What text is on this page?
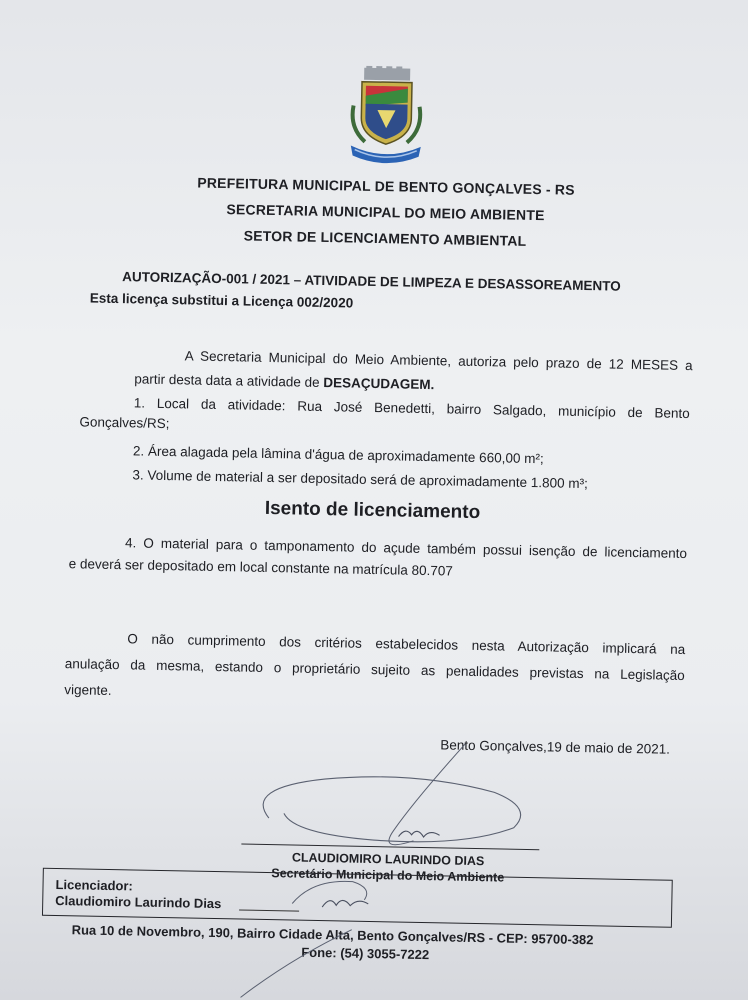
PREFEITURA MUNICIPAL DE BENTO GONÇALVES - RS
SECRETARIA MUNICIPAL DO MEIO AMBIENTE
SETOR DE LICENCIAMENTO AMBIENTAL
AUTORIZAÇÃO-001 / 2021 – ATIVIDADE DE LIMPEZA E DESASSOREAMENTO
Esta licença substitui a Licença 002/2020
A Secretaria Municipal do Meio Ambiente, autoriza pelo prazo de 12 MESES a
partir desta data a atividade de DESAÇUDAGEM.
1. Local da atividade: Rua José Benedetti, bairro Salgado, município de Bento
Gonçalves/RS;
2. Área alagada pela lâmina d'água de aproximadamente 660,00 m²;
3. Volume de material a ser depositado será de aproximadamente 1.800 m³;
Isento de licenciamento
4. O material para o tamponamento do açude também possui isenção de licenciamento
e deverá ser depositado em local constante na matrícula 80.707
O não cumprimento dos critérios estabelecidos nesta Autorização implicará na
anulação da mesma, estando o proprietário sujeito as penalidades previstas na Legislação
vigente.
Bento Gonçalves,19 de maio de 2021.
CLAUDIOMIRO LAURINDO DIAS
Secretário Municipal do Meio Ambiente
Licenciador:
Claudiomiro Laurindo Dias
Rua 10 de Novembro, 190, Bairro Cidade Alta, Bento Gonçalves/RS - CEP: 95700-382
Fone: (54) 3055-7222
